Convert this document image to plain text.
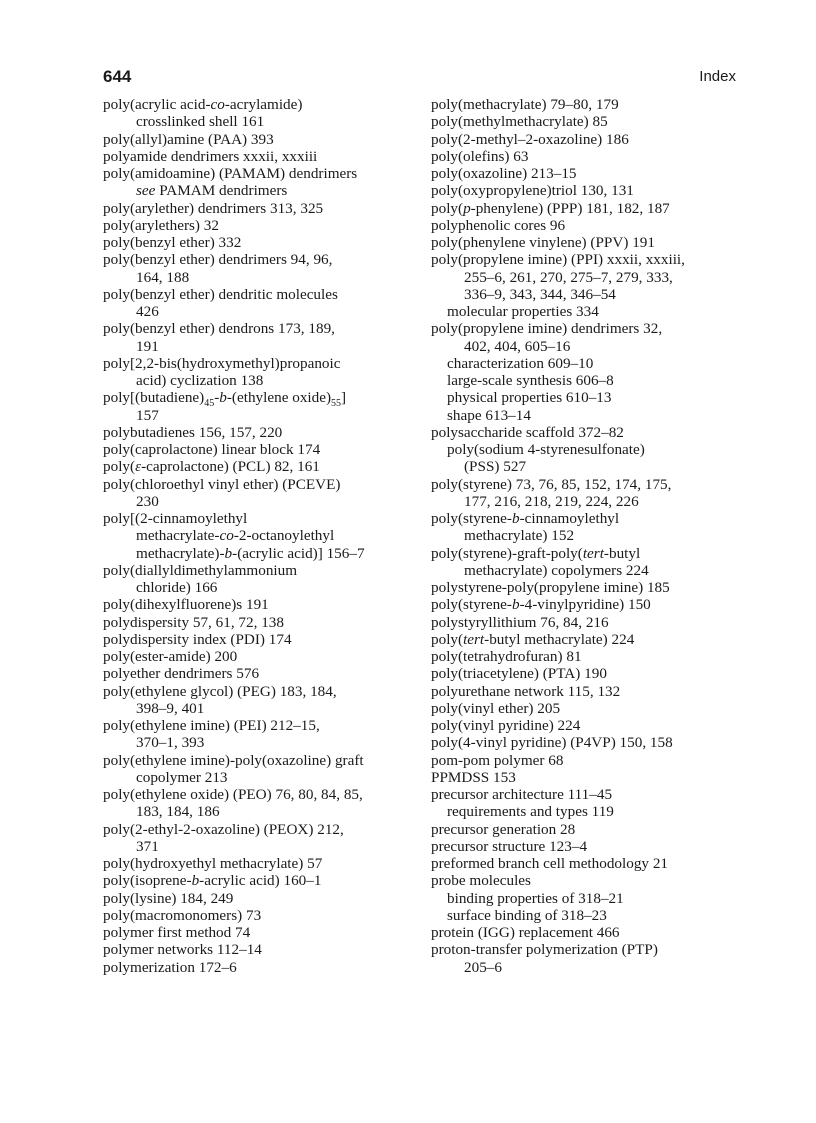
644	Index
poly(acrylic acid-co-acrylamide)
crosslinked shell 161
poly(allyl)amine (PAA) 393
polyamide dendrimers xxxii, xxxiii
poly(amidoamine) (PAMAM) dendrimers
see PAMAM dendrimers
poly(arylether) dendrimers 313, 325
poly(arylethers) 32
poly(benzyl ether) 332
poly(benzyl ether) dendrimers 94, 96,
164, 188
poly(benzyl ether) dendritic molecules
426
poly(benzyl ether) dendrons 173, 189,
191
poly[2,2-bis(hydroxymethyl)propanoic
acid) cyclization 138
$poly[(butadiene)_{45}-b-(ethylene$ $oxide)_{55}$]
157
polybutadienes 156, 157, 220
poly(caprolactone) linear block 174
poly(ε-caprolactone) (PCL) 82, 161
poly(chloroethyl vinyl ether) (PCEVE)
230
poly[(2-cinnamoylethyl
methacrylate-co-2-octanoylethyl
methacrylate)-b-(acrylic acid)] 156–7
poly(diallyldimethylammonium
chloride) 166
poly(dihexylfluorene)s 191
polydispersity 57, 61, 72, 138
polydispersity index (PDI) 174
poly(ester-amide) 200
polyether dendrimers 576
poly(ethylene glycol) (PEG) 183, 184,
398–9, 401
poly(ethylene imine) (PEI) 212–15,
370–1, 393
poly(ethylene imine)-poly(oxazoline) graft
copolymer 213
poly(ethylene oxide) (PEO) 76, 80, 84, 85,
183, 184, 186
poly(2-ethyl-2-oxazoline) (PEOX) 212,
371
poly(hydroxyethyl methacrylate) 57
poly(isoprene-b-acrylic acid) 160–1
poly(lysine) 184, 249
poly(macromonomers) 73
polymer first method 74
polymer networks 112–14
polymerization 172–6
poly(methacrylate) 79–80, 179
poly(methylmethacrylate) 85
poly(2-methyl–2-oxazoline) 186
poly(olefins) 63
poly(oxazoline) 213–15
poly(oxypropylene)triol 130, 131
poly(p-phenylene) (PPP) 181, 182, 187
polyphenolic cores 96
poly(phenylene vinylene) (PPV) 191
poly(propylene imine) (PPI) xxxii, xxxiii,
255–6, 261, 270, 275–7, 279, 333,
336–9, 343, 344, 346–54
molecular properties 334
poly(propylene imine) dendrimers 32,
402, 404, 605–16
characterization 609–10
large-scale synthesis 606–8
physical properties 610–13
shape 613–14
polysaccharide scaffold 372–82
poly(sodium 4-styrenesulfonate)
(PSS) 527
poly(styrene) 73, 76, 85, 152, 174, 175,
177, 216, 218, 219, 224, 226
poly(styrene-b-cinnamoylethyl
methacrylate) 152
poly(styrene)-graft-poly(tert-butyl
methacrylate) copolymers 224
polystyrene-poly(propylene imine) 185
poly(styrene-b-4-vinylpyridine) 150
polystyryllithium 76, 84, 216
poly(tert-butyl methacrylate) 224
poly(tetrahydrofuran) 81
poly(triacetylene) (PTA) 190
polyurethane network 115, 132
poly(vinyl ether) 205
poly(vinyl pyridine) 224
poly(4-vinyl pyridine) (P4VP) 150, 158
pom-pom polymer 68
PPMDSS 153
precursor architecture 111–45
requirements and types 119
precursor generation 28
precursor structure 123–4
preformed branch cell methodology 21
probe molecules
binding properties of 318–21
surface binding of 318–23
protein (IGG) replacement 466
proton-transfer polymerization (PTP)
205–6
